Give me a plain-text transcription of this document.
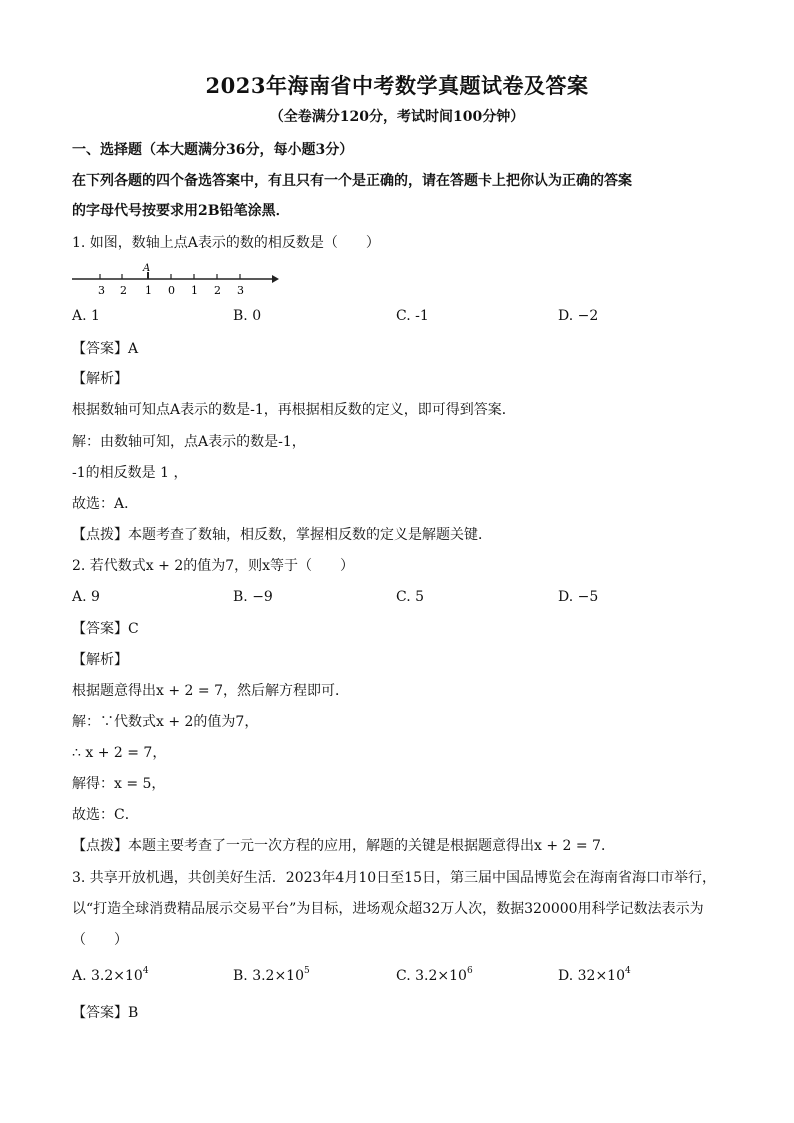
2023年海南省中考数学真题试卷及答案
（全卷满分120分，考试时间100分钟）
一、选择题（本大题满分36分，每小题3分）
在下列各题的四个备选答案中，有且只有一个是正确的，请在答题卡上把你认为正确的答案
的字母代号按要求用2B铅笔涂黑．
1. 如图，数轴上点A表示的数的相反数是（　　）
A
3 2 1 0 1 2 3
A. 1	B. 0	C. -1	D. −2
【答案】A
【解析】
根据数轴可知点A表示的数是-1，再根据相反数的定义，即可得到答案．
解：由数轴可知，点A表示的数是-1，
-1的相反数是 1 ，
故选：A．
【点拨】本题考查了数轴，相反数，掌握相反数的定义是解题关键．
2. 若代数式x + 2的值为7，则x等于（　　）
A. 9	B. −9	C. 5	D. −5
【答案】C
【解析】
根据题意得出x + 2 = 7，然后解方程即可．
解：∵代数式x + 2的值为7，
∴ x + 2 = 7，
解得：x = 5，
故选：C．
【点拨】本题主要考查了一元一次方程的应用，解题的关键是根据题意得出x + 2 = 7．
3. 共享开放机遇，共创美好生活．2023年4月10日至15日，第三届中国品博览会在海南省海口市举行，
以“打造全球消费精品展示交易平台”为目标，进场观众超32万人次，数据320000用科学记数法表示为
（　　）
A. $3.2\times 10^4$	B. $3.2\times 10^5$	C. $3.2\times 10^6$	D. $32\times 10^4$
【答案】B
